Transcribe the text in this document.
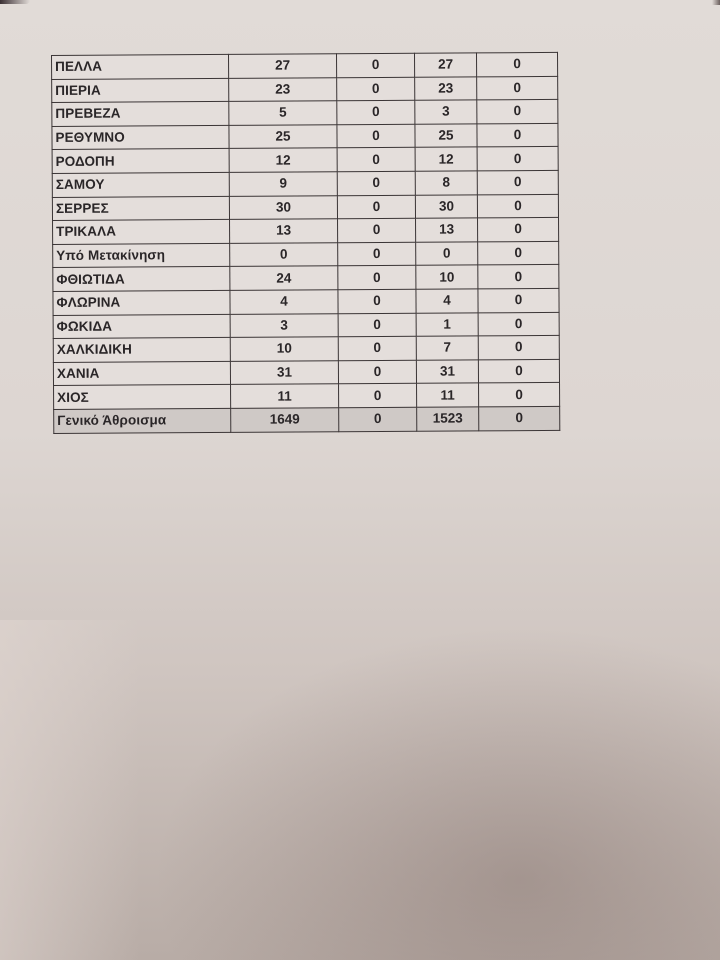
ΠΕΛΛΑ	27	0	27	0
ΠΙΕΡΙΑ	23	0	23	0
ΠΡΕΒΕΖΑ	5	0	3	0
ΡΕΘΥΜΝΟ	25	0	25	0
ΡΟΔΟΠΗ	12	0	12	0
ΣΑΜΟΥ	9	0	8	0
ΣΕΡΡΕΣ	30	0	30	0
ΤΡΙΚΑΛΑ	13	0	13	0
Υπό Μετακίνηση	0	0	0	0
ΦΘΙΩΤΙΔΑ	24	0	10	0
ΦΛΩΡΙΝΑ	4	0	4	0
ΦΩΚΙΔΑ	3	0	1	0
ΧΑΛΚΙΔΙΚΗ	10	0	7	0
ΧΑΝΙΑ	31	0	31	0
ΧΙΟΣ	11	0	11	0
Γενικό Άθροισμα	1649	0	1523	0
